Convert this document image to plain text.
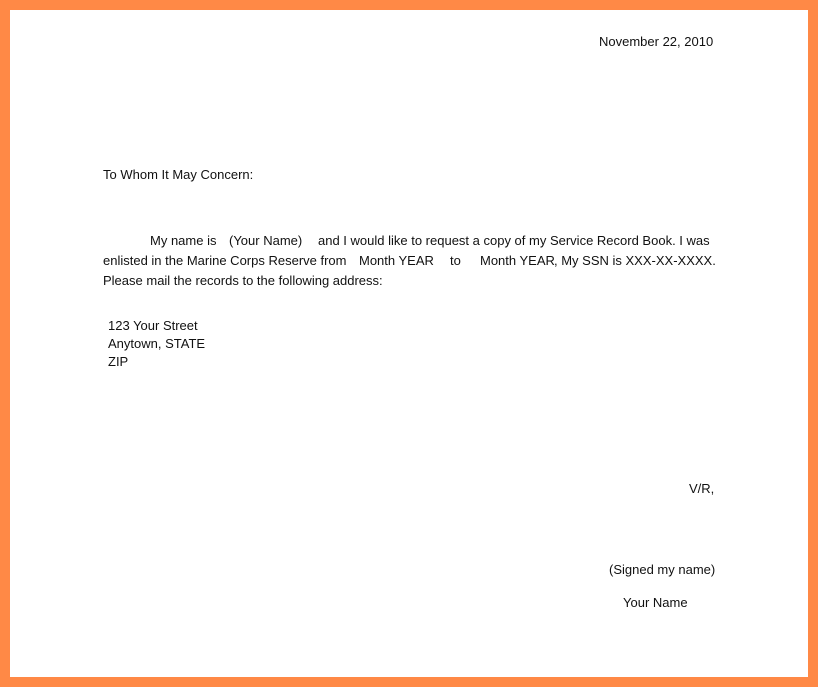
November 22, 2010
To Whom It May Concern:
My name is (Your Name) and I would like to request a copy of my Service Record Book. I was
enlisted in the Marine Corps Reserve from Month YEAR to Month YEAR , My SSN is XXX-XX-XXXX.
Please mail the records to the following address:
123 Your Street
Anytown, STATE
ZIP
V/R,
(Signed my name)
Your Name
